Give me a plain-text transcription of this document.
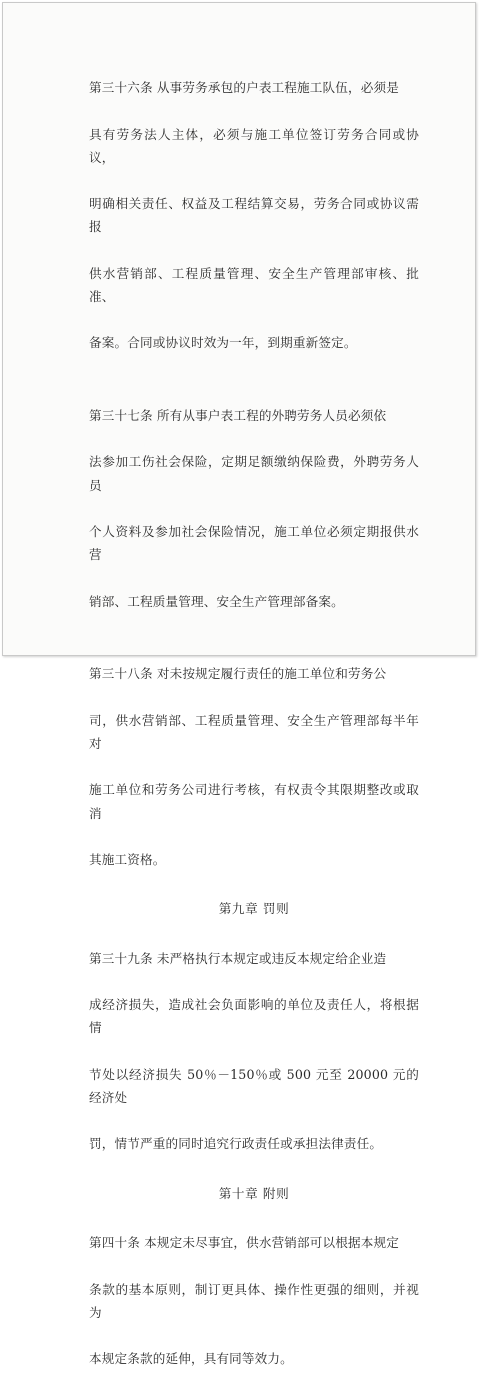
第三十六条 从事劳务承包的户表工程施工队伍，必须是

具有劳务法人主体，必须与施工单位签订劳务合同或协议，

明确相关责任、权益及工程结算交易，劳务合同或协议需报

供水营销部、工程质量管理、安全生产管理部审核、批准、

备案。合同或协议时效为一年，到期重新签定。

第三十七条 所有从事户表工程的外聘劳务人员必须依

法参加工伤社会保险，定期足额缴纳保险费，外聘劳务人员

个人资料及参加社会保险情况，施工单位必须定期报供水营

销部、工程质量管理、安全生产管理部备案。

第三十八条 对未按规定履行责任的施工单位和劳务公

司，供水营销部、工程质量管理、安全生产管理部每半年对

施工单位和劳务公司进行考核，有权责令其限期整改或取消

其施工资格。

第九章 罚则

第三十九条 未严格执行本规定或违反本规定给企业造

成经济损失，造成社会负面影响的单位及责任人，将根据情

节处以经济损失 50％－150％或 500 元至 20000 元的经济处

罚，情节严重的同时追究行政责任或承担法律责任。

第十章 附则

第四十条 本规定未尽事宜，供水营销部可以根据本规定

条款的基本原则，制订更具体、操作性更强的细则，并视为

本规定条款的延伸，具有同等效力。
